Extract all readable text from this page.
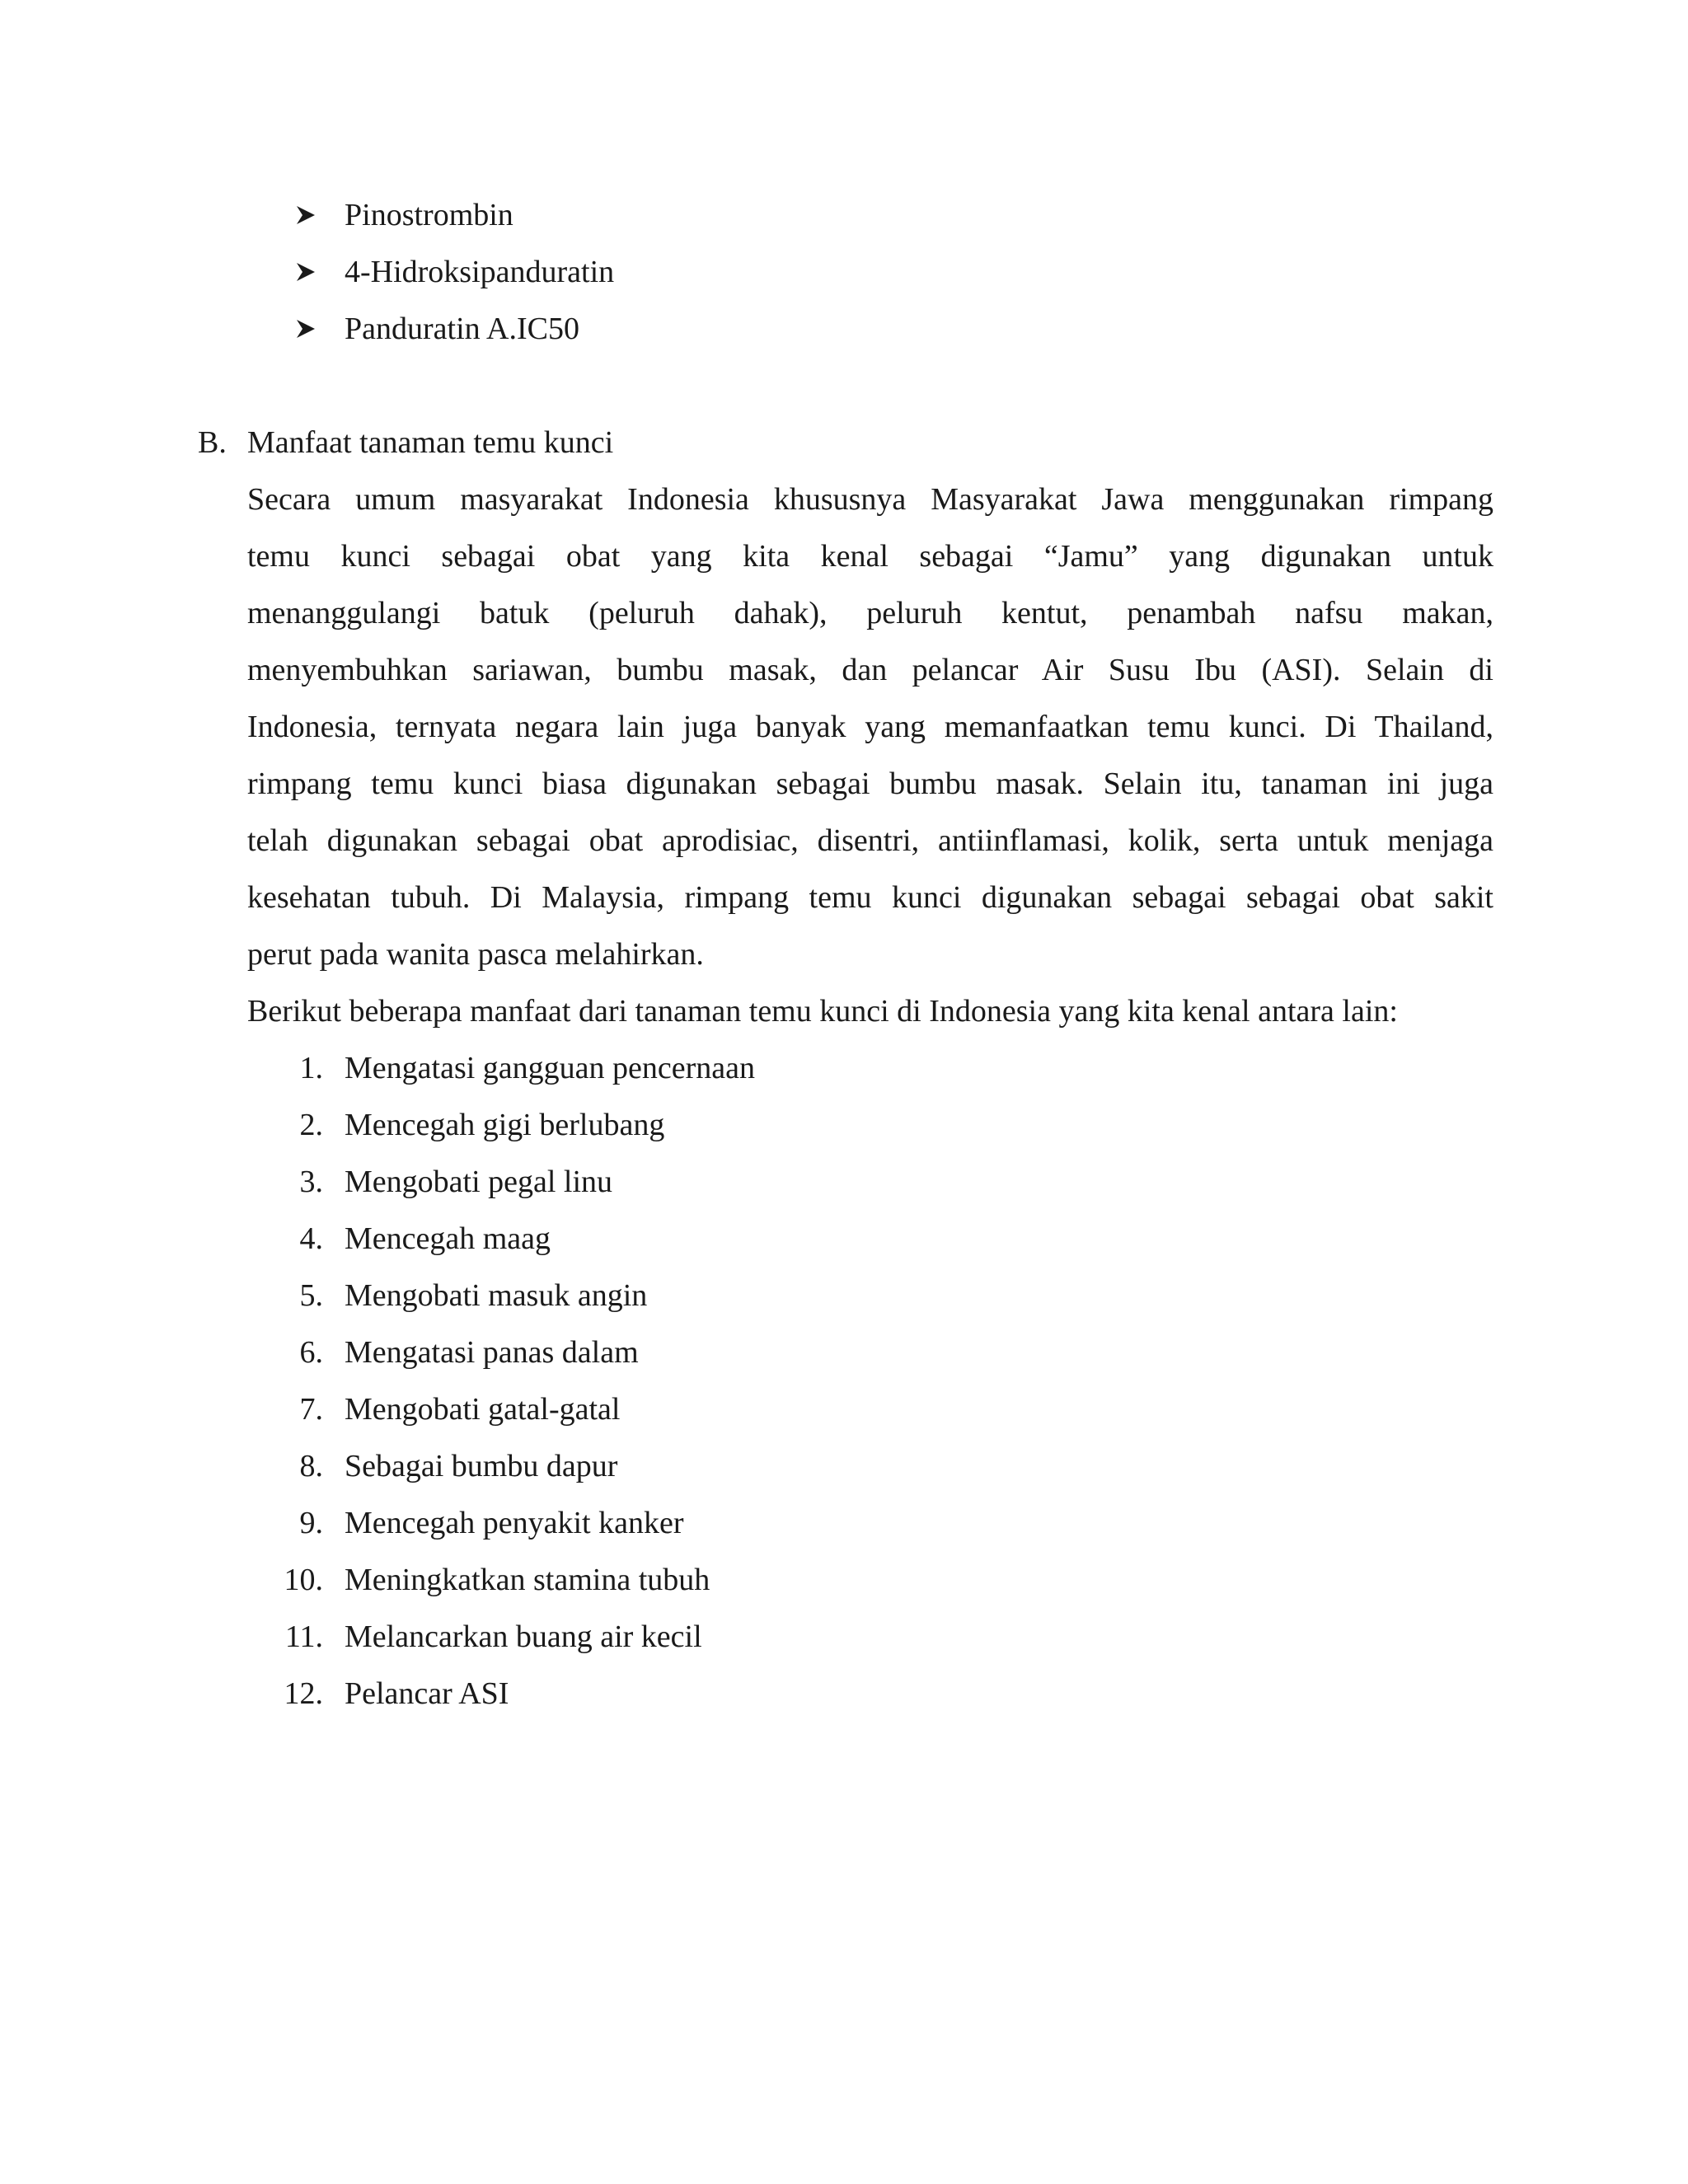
Pinostrombin
4-Hidroksipanduratin
Panduratin A.IC50
B. Manfaat tanaman temu kunci
Secara umum masyarakat Indonesia khususnya Masyarakat Jawa menggunakan rimpang
temu kunci sebagai obat yang kita kenal sebagai “Jamu” yang digunakan untuk
menanggulangi batuk (peluruh dahak), peluruh kentut, penambah nafsu makan,
menyembuhkan sariawan, bumbu masak, dan pelancar Air Susu Ibu (ASI). Selain di
Indonesia, ternyata negara lain juga banyak yang memanfaatkan temu kunci. Di Thailand,
rimpang temu kunci biasa digunakan sebagai bumbu masak. Selain itu, tanaman ini juga
telah digunakan sebagai obat aprodisiac, disentri, antiinflamasi, kolik, serta untuk menjaga
kesehatan tubuh. Di Malaysia, rimpang temu kunci digunakan sebagai sebagai obat sakit
perut pada wanita pasca melahirkan.
Berikut beberapa manfaat dari tanaman temu kunci di Indonesia yang kita kenal antara lain:
1. Mengatasi gangguan pencernaan
2. Mencegah gigi berlubang
3. Mengobati pegal linu
4. Mencegah maag
5. Mengobati masuk angin
6. Mengatasi panas dalam
7. Mengobati gatal-gatal
8. Sebagai bumbu dapur
9. Mencegah penyakit kanker
10. Meningkatkan stamina tubuh
11. Melancarkan buang air kecil
12. Pelancar ASI
